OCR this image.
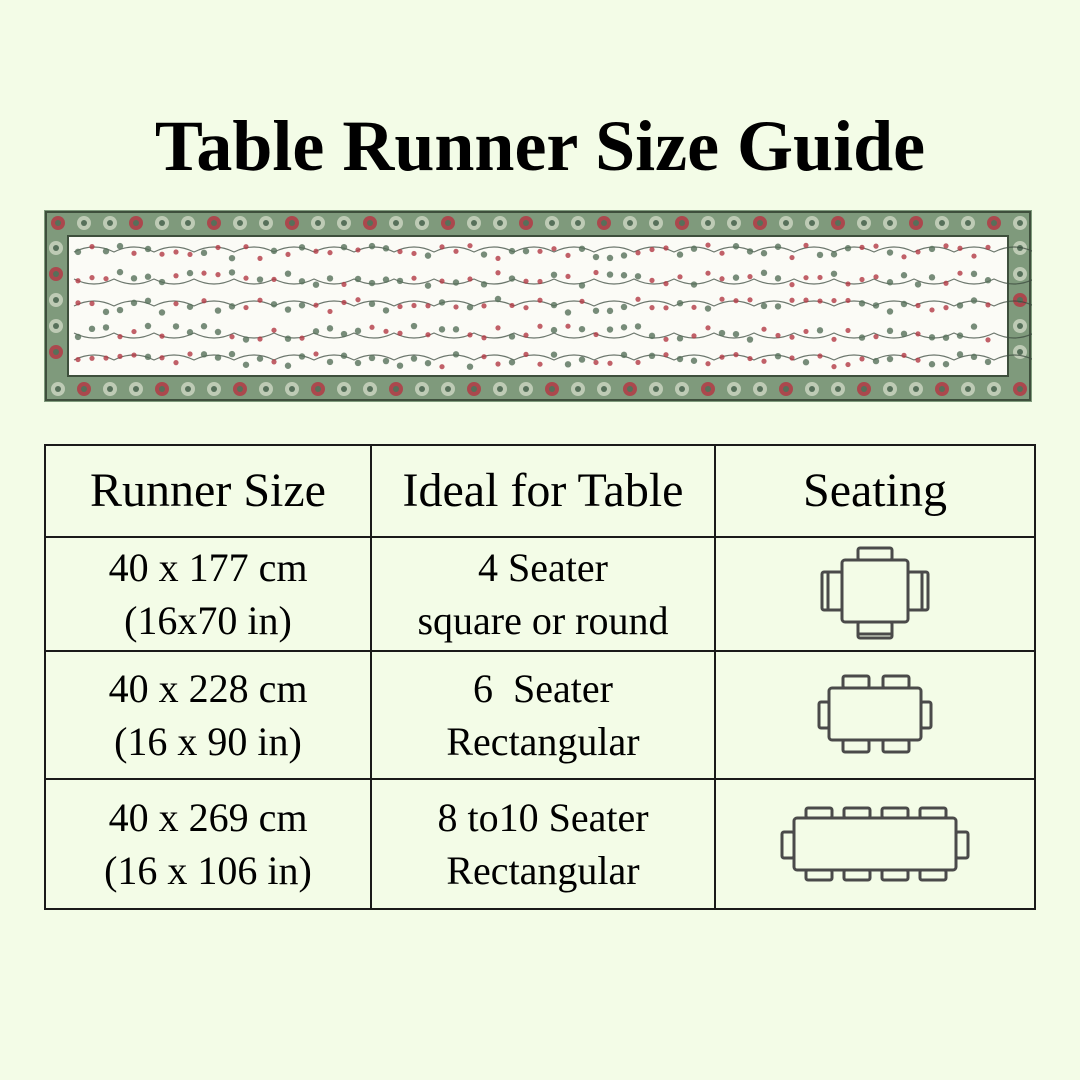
Table Runner Size Guide
Runner Size	Ideal for Table	Seating

40 x 177 cm
(16x70 in)	4 Seater
square or round

40 x 228 cm
(16 x 90 in)	6  Seater
Rectangular

40 x 269 cm
(16 x 106 in)	8 to10 Seater
Rectangular
